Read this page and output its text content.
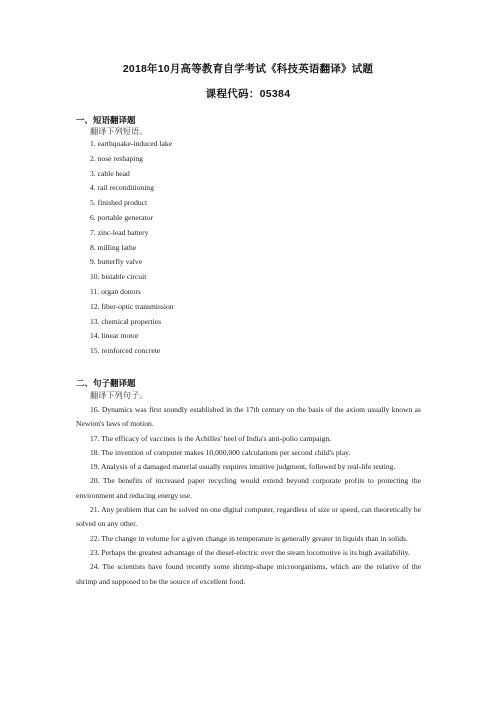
2018年10月高等教育自学考试《科技英语翻译》试题
课程代码：05384
一、短语翻译题
翻译下列短语。
1. earthquake-induced lake
2. nose reshaping
3. cable head
4. rail reconditioning
5. finished product
6. portable generator
7. zinc-lead battery
8. milling lathe
9. butterfly valve
10. bistable circuit
11. organ donors
12. fiber-optic transmission
13. chemical properties
14. linear motor
15. reinforced concrete
二、句子翻译题
翻译下列句子。
16. Dynamics was first soundly established in the 17th century on the basis of the axiom usually known as Newton's laws of motion.
17. The efficacy of vaccines is the Achilles' heel of India's anti-polio campaign.
18. The invention of computer makes 10,000,000 calculations per second child's play.
19. Analysis of a damaged material usually requires intuitive judgment, followed by real-life testing.
20. The benefits of increased paper recycling would extend beyond corporate profits to protecting the environment and reducing energy use.
21. Any problem that can be solved on one digital computer, regardless of size or speed, can theoretically be solved on any other.
22. The change in volume for a given change in temperature is generally greater in liquids than in solids.
23. Perhaps the greatest advantage of the diesel-electric over the steam locomotive is its high availability.
24. The scientists have found recently some shrimp-shape microorganisms, which are the relative of the shrimp and supposed to be the source of excellent food.
